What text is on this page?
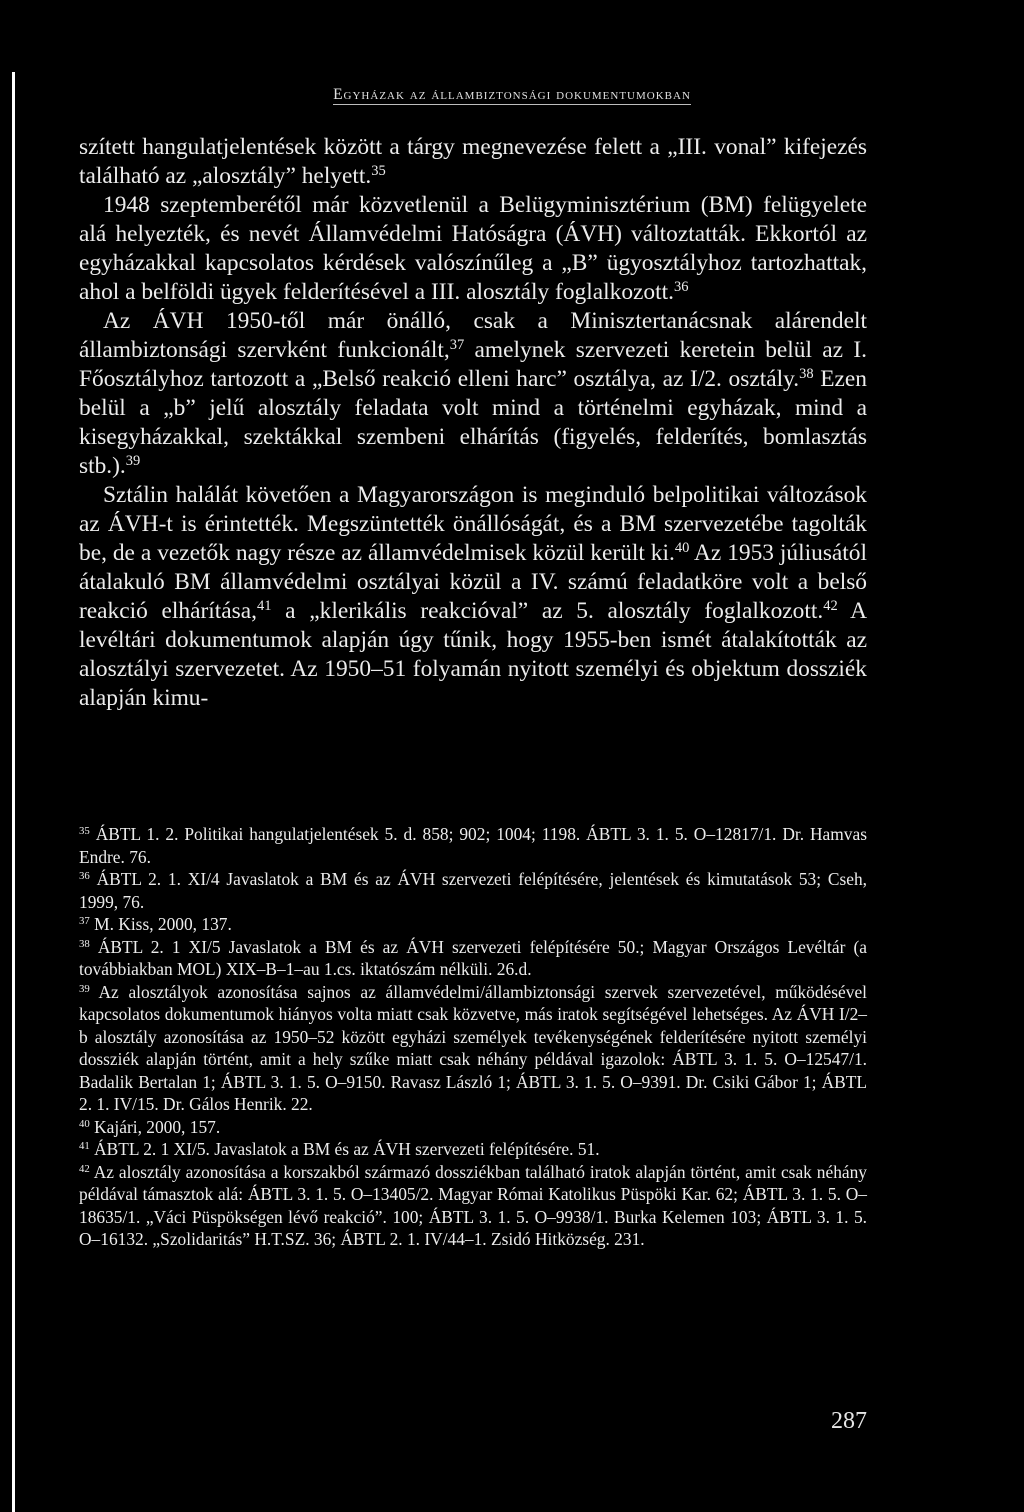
Egyházak az állambiztonsági dokumentumokban

szített hangulatjelentések között a tárgy megnevezése felett a „III. vonal” kifejezés található az „alosztály” helyett.$^{35}$

1948 szeptemberétől már közvetlenül a Belügyminisztérium (BM) felügyelete alá helyezték, és nevét Államvédelmi Hatóságra (ÁVH) változtatták. Ekkortól az egyházakkal kapcsolatos kérdések valószínűleg a „B” ügyosztályhoz tartozhattak, ahol a belföldi ügyek felderítésével a III. alosztály foglalkozott.$^{36}$

Az ÁVH 1950-től már önálló, csak a Minisztertanácsnak alárendelt állambiztonsági szervként funkcionált,$^{37}$ amelynek szervezeti keretein belül az I. Főosztályhoz tartozott a „Belső reakció elleni harc” osztálya, az I/2. osztály.$^{38}$ Ezen belül a „b” jelű alosztály feladata volt mind a történelmi egyházak, mind a kisegyházakkal, szektákkal szembeni elhárítás (figyelés, felderítés, bomlasztás stb.).$^{39}$

Sztálin halálát követően a Magyarországon is meginduló belpolitikai változások az ÁVH-t is érintették. Megszüntették önállóságát, és a BM szervezetébe tagolták be, de a vezetők nagy része az államvédelmisek közül került ki.$^{40}$ Az 1953 júliusától átalakuló BM államvédelmi osztályai közül a IV. számú feladatköre volt a belső reakció elhárítása,$^{41}$ a „klerikális reakcióval” az 5. alosztály foglalkozott.$^{42}$ A levéltári dokumentumok alapján úgy tűnik, hogy 1955-ben ismét átalakították az alosztályi szervezetet. Az 1950–51 folyamán nyitott személyi és objektum dossziék alapján kimu-

$^{35}$ ÁBTL 1. 2. Politikai hangulatjelentések 5. d. 858; 902; 1004; 1198. ÁBTL 3. 1. 5. O–12817/1. Dr. Hamvas Endre. 76.

$^{36}$ ÁBTL 2. 1. XI/4 Javaslatok a BM és az ÁVH szervezeti felépítésére, jelentések és kimutatások 53; Cseh, 1999, 76.

$^{37}$ M. Kiss, 2000, 137.

$^{38}$ ÁBTL 2. 1 XI/5 Javaslatok a BM és az ÁVH szervezeti felépítésére 50.; Magyar Országos Levéltár (a továbbiakban MOL) XIX–B–1–au 1.cs. iktatószám nélküli. 26.d.

$^{39}$ Az alosztályok azonosítása sajnos az államvédelmi/állambiztonsági szervek szervezetével, működésével kapcsolatos dokumentumok hiányos volta miatt csak közvetve, más iratok segítségével lehetséges. Az ÁVH I/2–b alosztály azonosítása az 1950–52 között egyházi személyek tevékenységének felderítésére nyitott személyi dossziék alapján történt, amit a hely szűke miatt csak néhány példával igazolok: ÁBTL 3. 1. 5. O–12547/1. Badalik Bertalan 1; ÁBTL 3. 1. 5. O–9150. Ravasz László 1; ÁBTL 3. 1. 5. O–9391. Dr. Csiki Gábor 1; ÁBTL 2. 1. IV/15. Dr. Gálos Henrik. 22.

$^{40}$ Kajári, 2000, 157.

$^{41}$ ÁBTL 2. 1 XI/5. Javaslatok a BM és az ÁVH szervezeti felépítésére. 51.

$^{42}$ Az alosztály azonosítása a korszakból származó dossziékban található iratok alapján történt, amit csak néhány példával támasztok alá: ÁBTL 3. 1. 5. O–13405/2. Magyar Római Katolikus Püspöki Kar. 62; ÁBTL 3. 1. 5. O–18635/1. „Váci Püspökségen lévő reakció”. 100; ÁBTL 3. 1. 5. O–9938/1. Burka Kelemen 103; ÁBTL 3. 1. 5. O–16132. „Szolidaritás” H.T.SZ. 36; ÁBTL 2. 1. IV/44–1. Zsidó Hitközség. 231.

287
